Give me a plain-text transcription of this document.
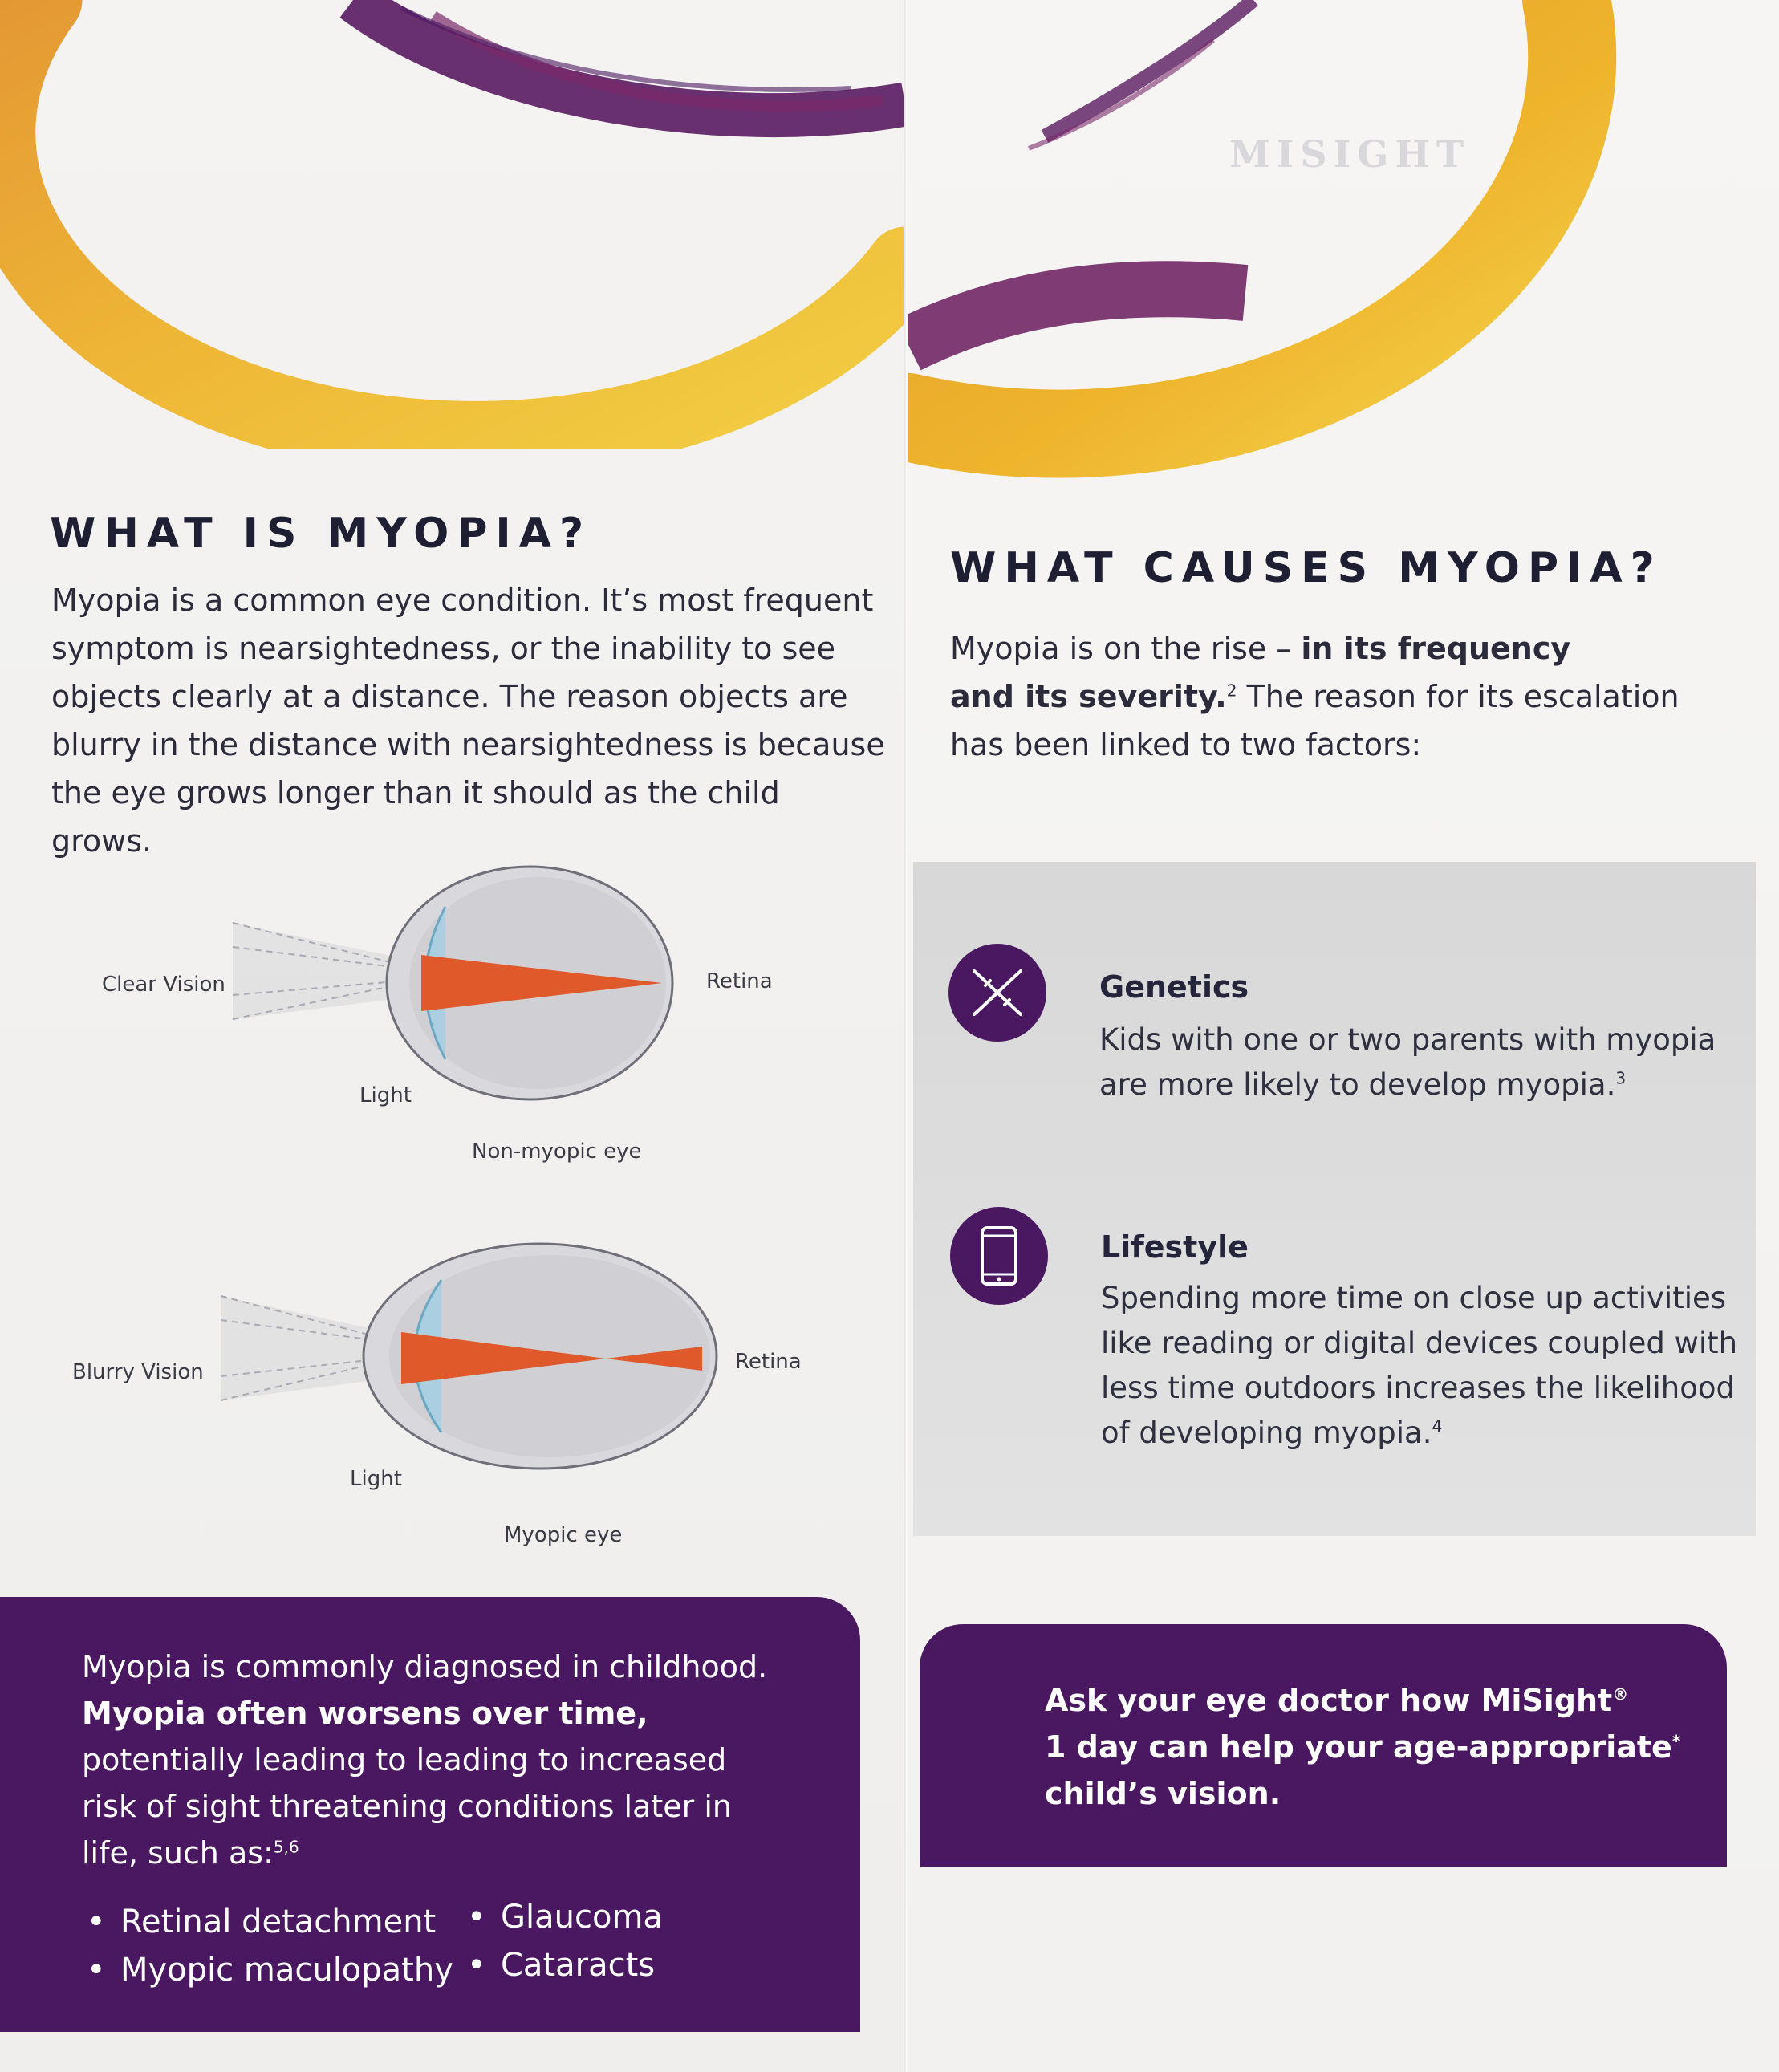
WHAT IS MYOPIA?
Myopia is a common eye condition. It’s most frequent
symptom is nearsightedness, or the inability to see
objects clearly at a distance. The reason objects are
blurry in the distance with nearsightedness is because
the eye grows longer than it should as the child grows.
Clear Vision	Retina
Light
Non-myopic eye
Blurry Vision	Retina
Light
Myopic eye
Myopia is commonly diagnosed in childhood.
Myopia often worsens over time,
potentially leading to leading to increased
risk of sight threatening conditions later in
life, such as:$^{5,6}$
• Retinal detachment • Glaucoma
• Myopic maculopathy • Cataracts
MISIGHT
WHAT CAUSES MYOPIA?
Myopia is on the rise – in its frequency
and its severity.$^2$ The reason for its escalation
has been linked to two factors:
Genetics
Kids with one or two parents with myopia
are more likely to develop myopia.$^3$
Lifestyle
Spending more time on close up activities
like reading or digital devices coupled with
less time outdoors increases the likelihood
of developing myopia.$^4$
Ask your eye doctor how MiSight®
1 day can help your age-appropriate*
child’s vision.
